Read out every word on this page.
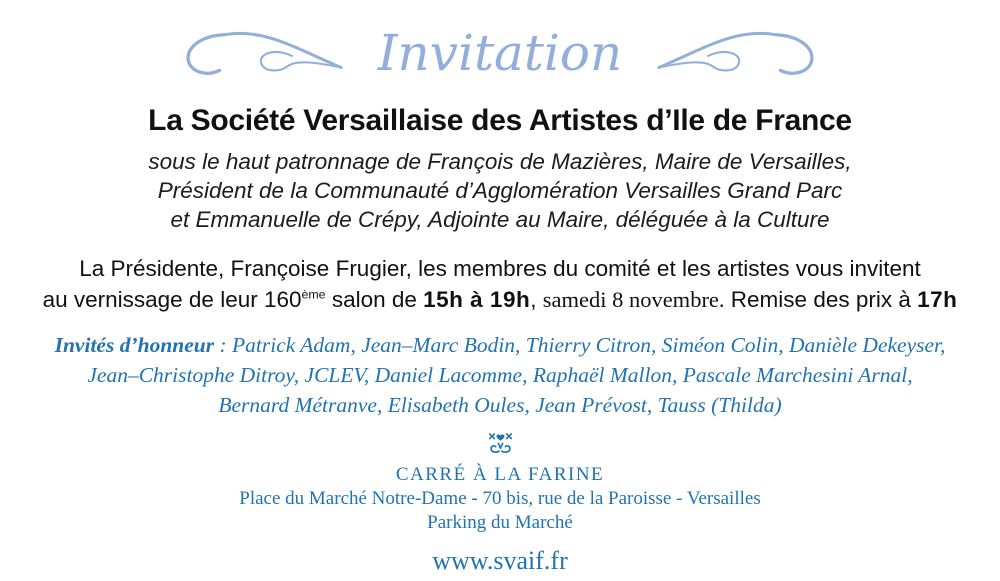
Invitation
La Société Versaillaise des Artistes d’Ile de France

sous le haut patronnage de François de Mazières, Maire de Versailles,

Président de la Communauté d’Agglomération Versailles Grand Parc

et Emmanuelle de Crépy, Adjointe au Maire, déléguée à la Culture

La Présidente, Françoise Frugier, les membres du comité et les artistes vous invitent

au vernissage de leur 160ème salon de 15h à 19h, samedi 8 novembre. Remise des prix à 17h

Invités d’honneur : Patrick Adam, Jean–Marc Bodin, Thierry Citron, Siméon Colin, Danièle Dekeyser,

Jean–Christophe Ditroy, JCLEV, Daniel Lacomme, Raphaël Mallon, Pascale Marchesini Arnal,

Bernard Métranve, Elisabeth Oules, Jean Prévost, Tauss (Thilda)

CARRÉ À LA FARINE

Place du Marché Notre-Dame - 70 bis, rue de la Paroisse - Versailles

Parking du Marché

www.svaif.fr
